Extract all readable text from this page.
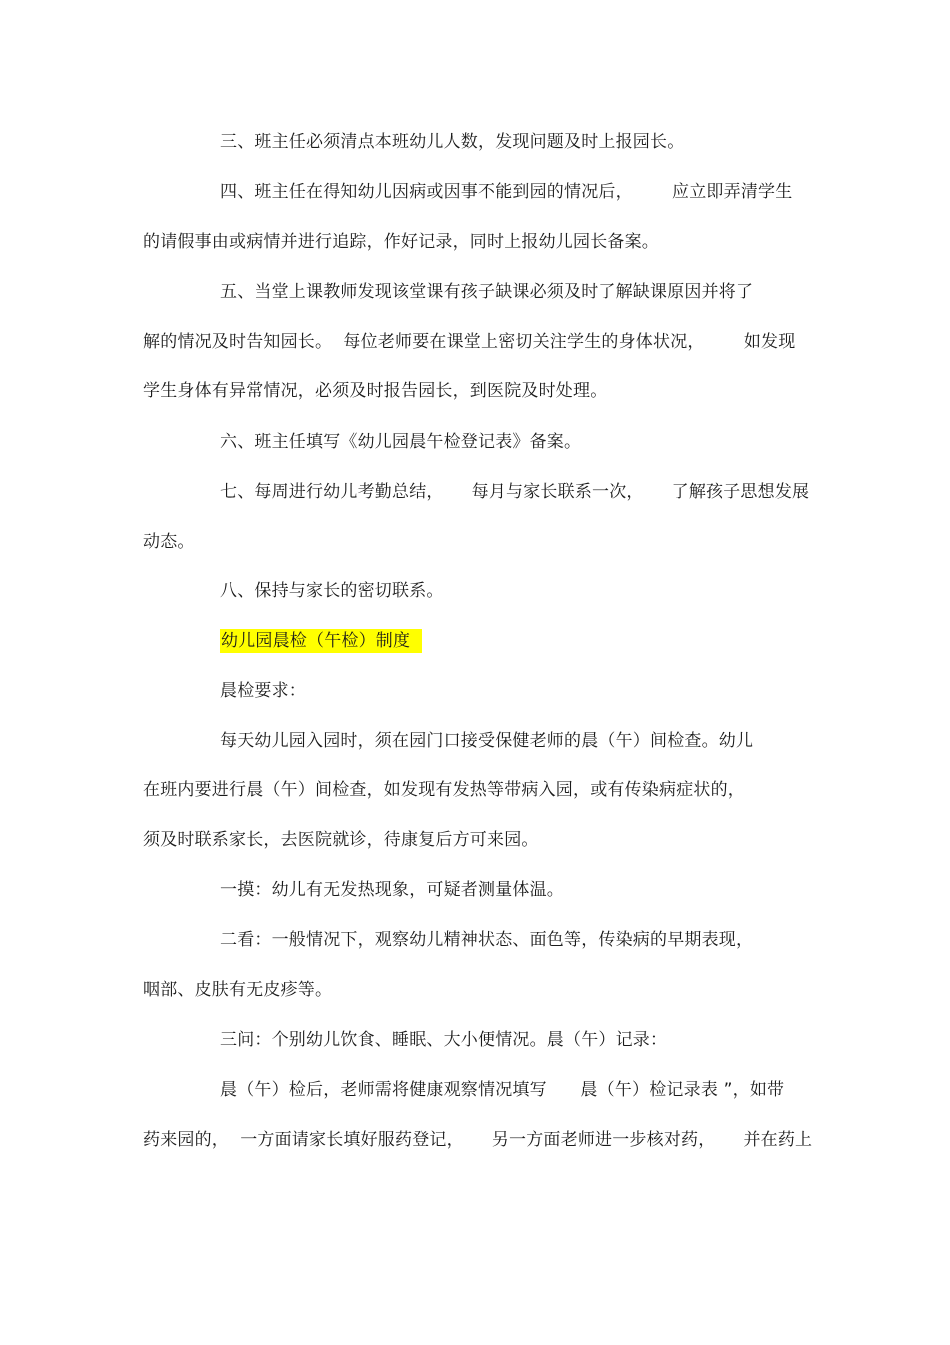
三、班主任必须清点本班幼儿人数，发现问题及时上报园长。
四、班主任在得知幼儿因病或因事不能到园的情况后，       应立即弄清学生
的请假事由或病情并进行追踪，作好记录，同时上报幼儿园长备案。
五、当堂上课教师发现该堂课有孩子缺课必须及时了解缺课原因并将了
解的情况及时告知园长。  每位老师要在课堂上密切关注学生的身体状况，       如发现
学生身体有异常情况，必须及时报告园长，到医院及时处理。
六、班主任填写《幼儿园晨午检登记表》备案。
七、每周进行幼儿考勤总结，     每月与家长联系一次，     了解孩子思想发展
动态。
八、保持与家长的密切联系。
幼儿园晨检（午检）制度
晨检要求：
每天幼儿园入园时，须在园门口接受保健老师的晨（午）间检查。幼儿
在班内要进行晨（午）间检查，如发现有发热等带病入园，或有传染病症状的，
须及时联系家长，去医院就诊，待康复后方可来园。
一摸：幼儿有无发热现象，可疑者测量体温。
二看：一般情况下，观察幼儿精神状态、面色等，传染病的早期表现，
咽部、皮肤有无皮疹等。
三问：个别幼儿饮食、睡眠、大小便情况。晨（午）记录：
晨（午）检后，老师需将健康观察情况填写      晨（午）检记录表 ”，如带
药来园的，  一方面请家长填好服药登记，     另一方面老师进一步核对药，     并在药上
